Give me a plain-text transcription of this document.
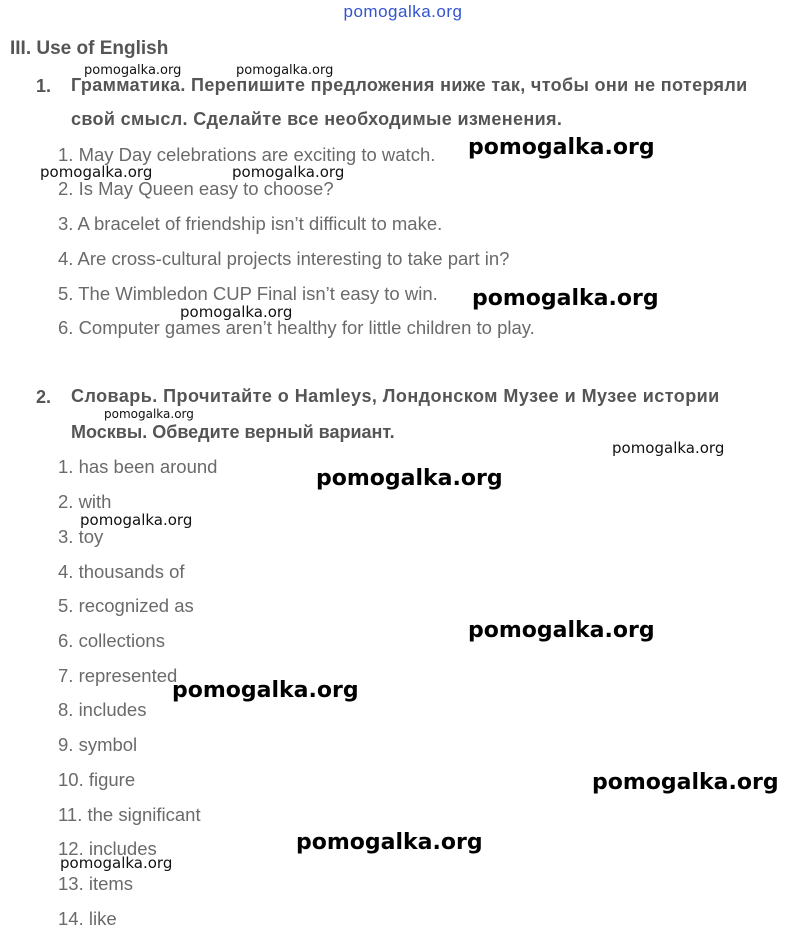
pomogalka.org
III. Use of English
1. Грамматика. Перепишите предложения ниже так, чтобы они не потеряли
свой смысл. Сделайте все необходимые изменения.
1. May Day celebrations are exciting to watch.
2. Is May Queen easy to choose?
3. A bracelet of friendship isn’t difficult to make.
4. Are cross-cultural projects interesting to take part in?
5. The Wimbledon CUP Final isn’t easy to win.
6. Computer games aren’t healthy for little children to play.
2. Словарь. Прочитайте о Hamleys, Лондонском Музее и Музее истории
Москвы. Обведите верный вариант.
1. has been around
2. with
3. toy
4. thousands of
5. recognized as
6. collections
7. represented
8. includes
9. symbol
10. figure
11. the significant
12. includes
13. items
14. like
pomogalka.org	pomogalka.org
pomogalka.org
pomogalka.org	pomogalka.org
pomogalka.org
pomogalka.org
pomogalka.org
pomogalka.org
pomogalka.org
pomogalka.org
pomogalka.org
pomogalka.org
pomogalka.org
pomogalka.org
pomogalka.org
